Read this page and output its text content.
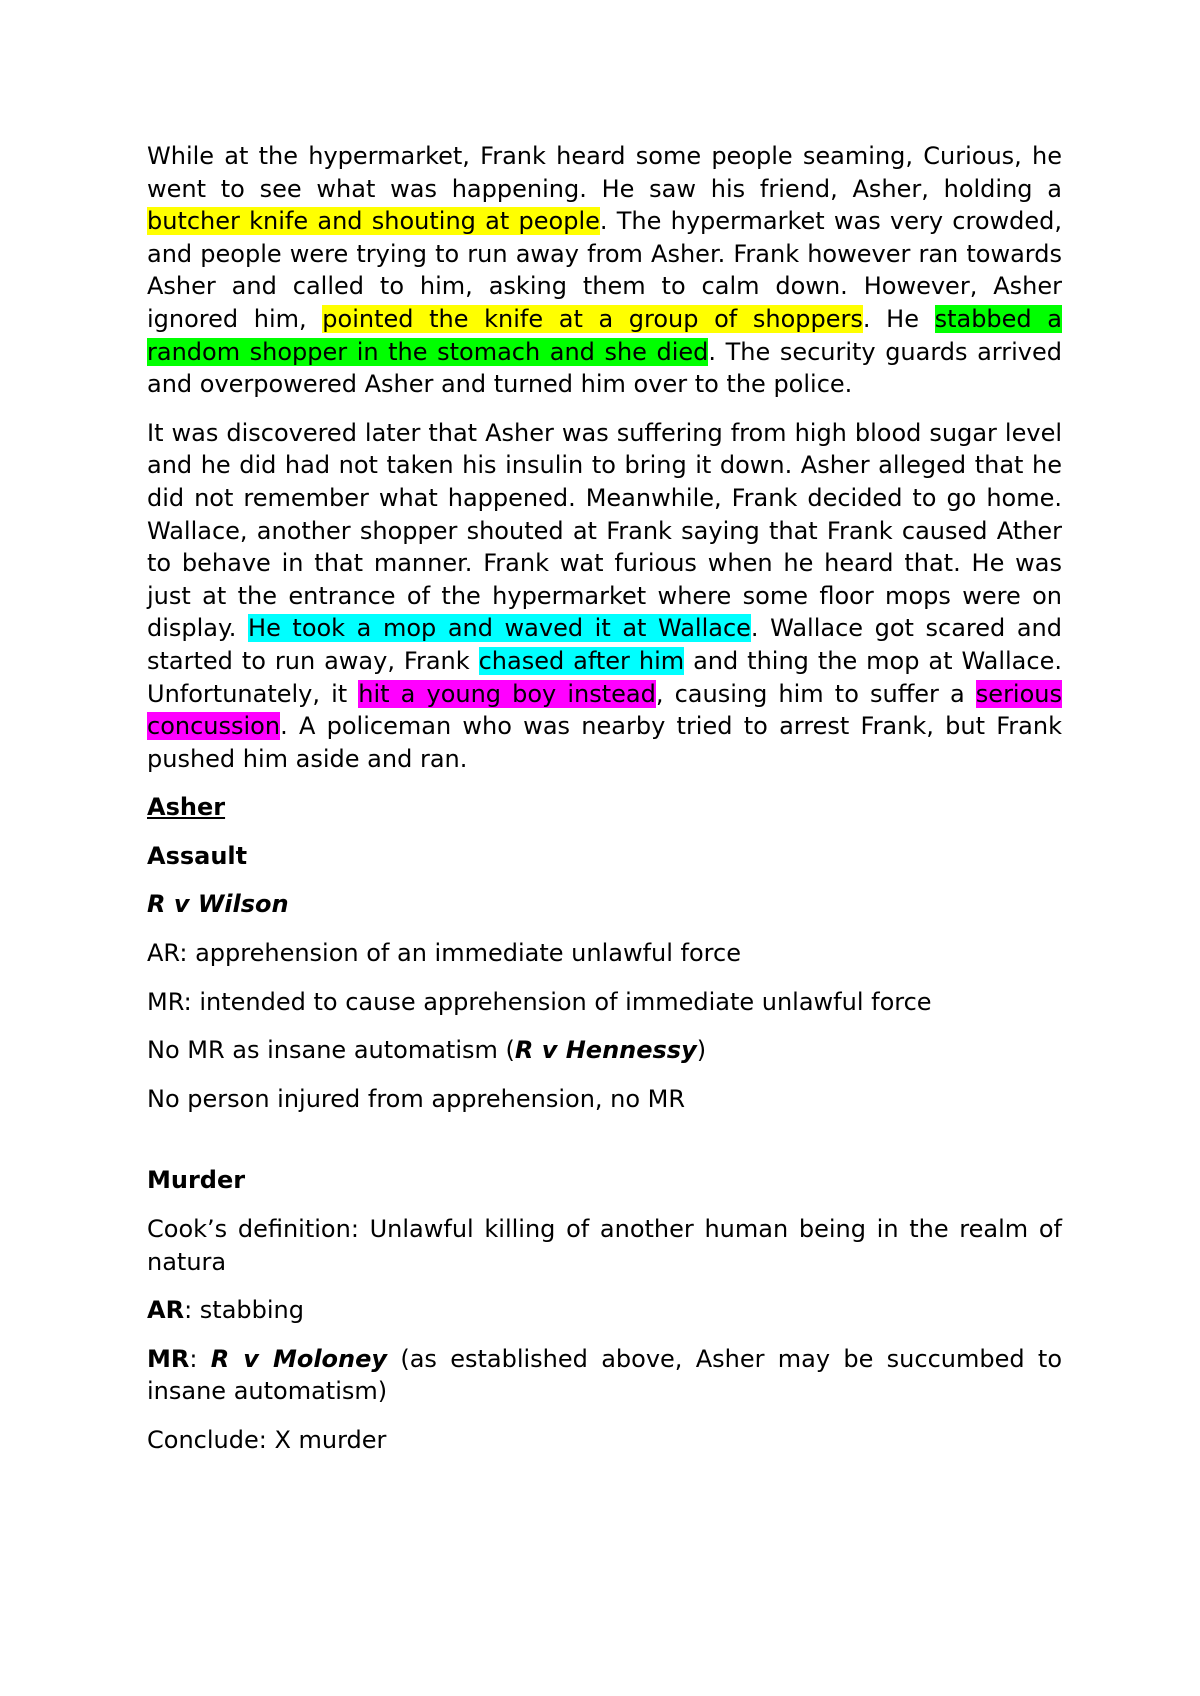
While at the hypermarket, Frank heard some people seaming, Curious, he went to see what was happening. He saw his friend, Asher, holding a butcher knife and shouting at people. The hypermarket was very crowded, and people were trying to run away from Asher. Frank however ran towards Asher and called to him, asking them to calm down. However, Asher ignored him, pointed the knife at a group of shoppers. He stabbed a random shopper in the stomach and she died. The security guards arrived and overpowered Asher and turned him over to the police.

It was discovered later that Asher was suffering from high blood sugar level and he did had not taken his insulin to bring it down. Asher alleged that he did not remember what happened. Meanwhile, Frank decided to go home. Wallace, another shopper shouted at Frank saying that Frank caused Ather to behave in that manner. Frank wat furious when he heard that. He was just at the entrance of the hypermarket where some floor mops were on display. He took a mop and waved it at Wallace. Wallace got scared and started to run away, Frank chased after him and thing the mop at Wallace. Unfortunately, it hit a young boy instead, causing him to suffer a serious concussion. A policeman who was nearby tried to arrest Frank, but Frank pushed him aside and ran.

Asher

Assault

R v Wilson

AR: apprehension of an immediate unlawful force

MR: intended to cause apprehension of immediate unlawful force

No MR as insane automatism (R v Hennessy)

No person injured from apprehension, no MR

Murder

Cook’s definition: Unlawful killing of another human being in the realm of natura

AR: stabbing

MR: R v Moloney (as established above, Asher may be succumbed to insane automatism)

Conclude: X murder
